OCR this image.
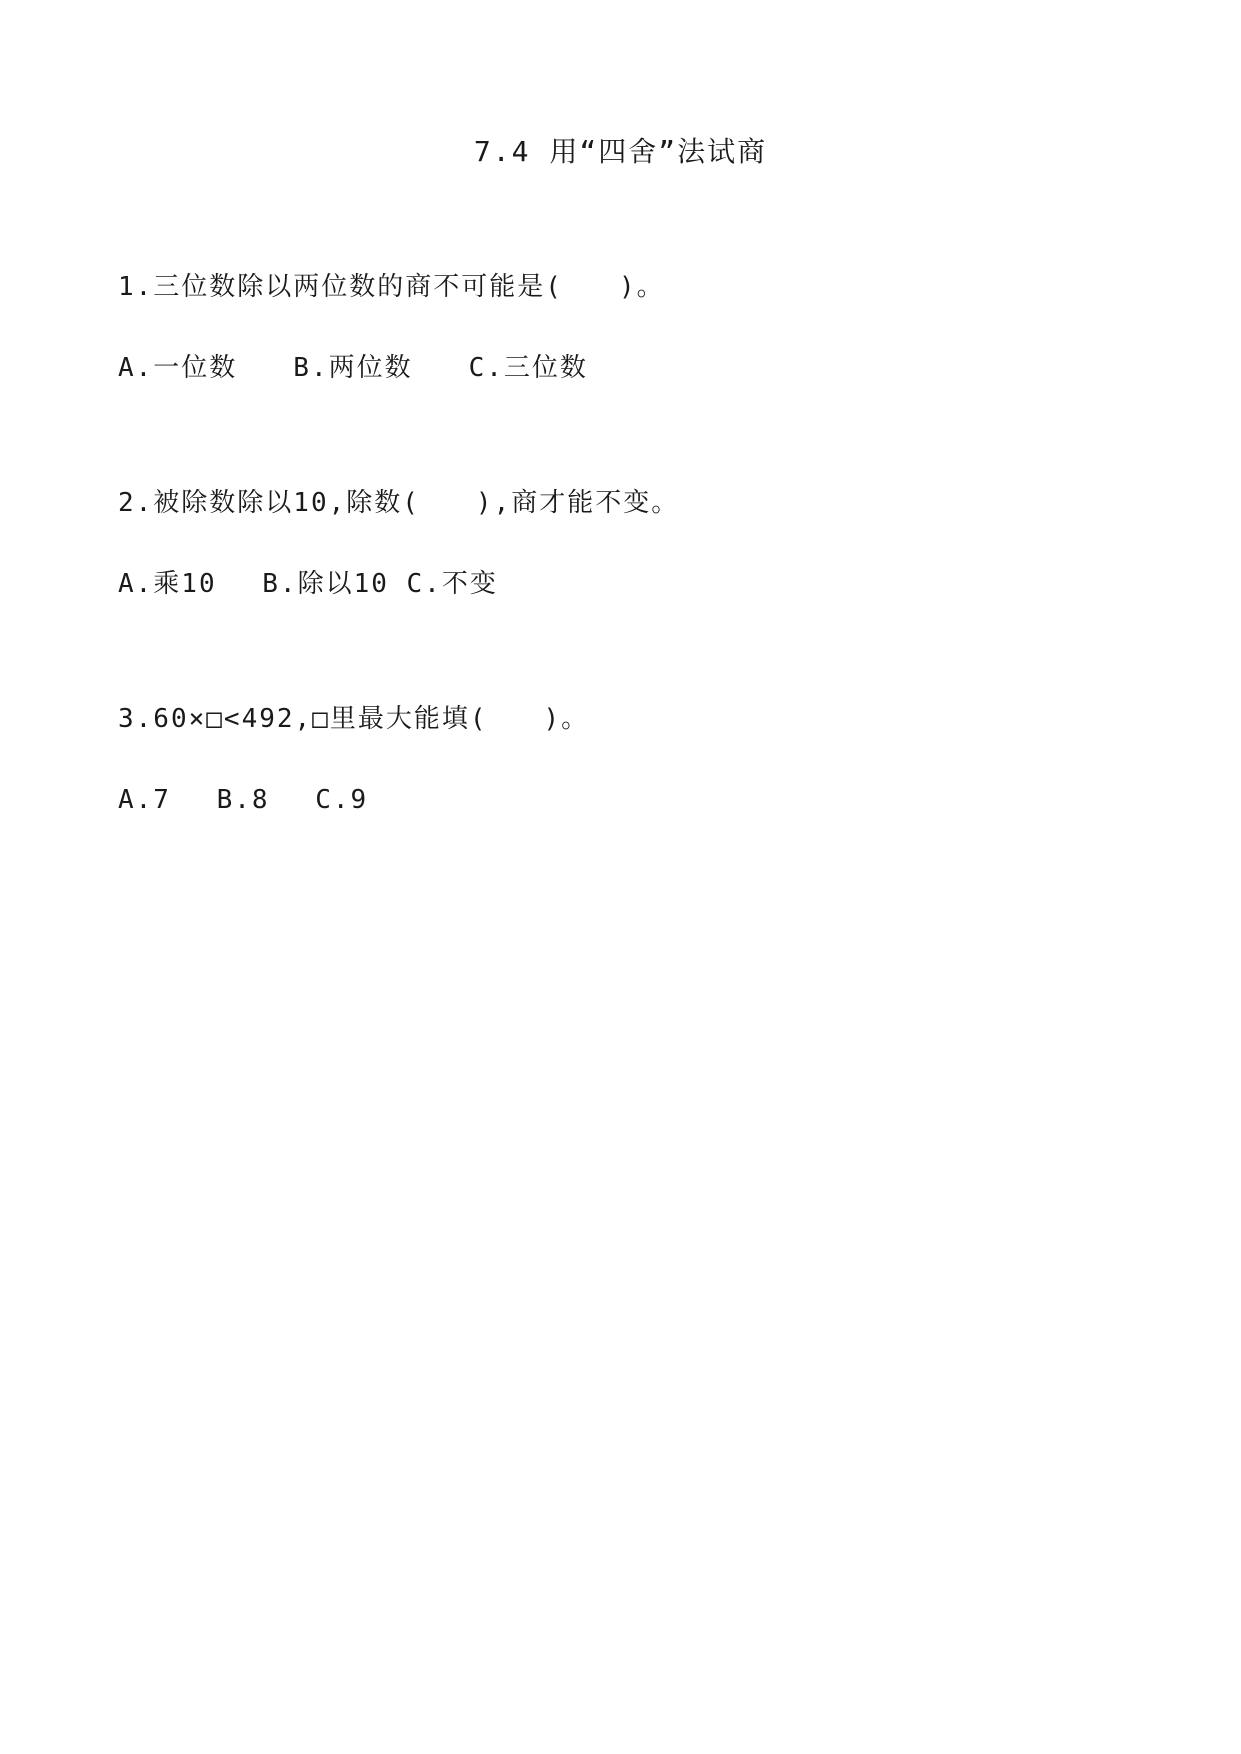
7.4 用“四舍”法试商

1.三位数除以两位数的商不可能是(　　)。

A.一位数　　B.两位数　　C.三位数

2.被除数除以10,除数(　　),商才能不变。

A.乘10　 B.除以10 C.不变

3.60×□<492,□里最大能填(　　)。

A.7　 B.8　 C.9
